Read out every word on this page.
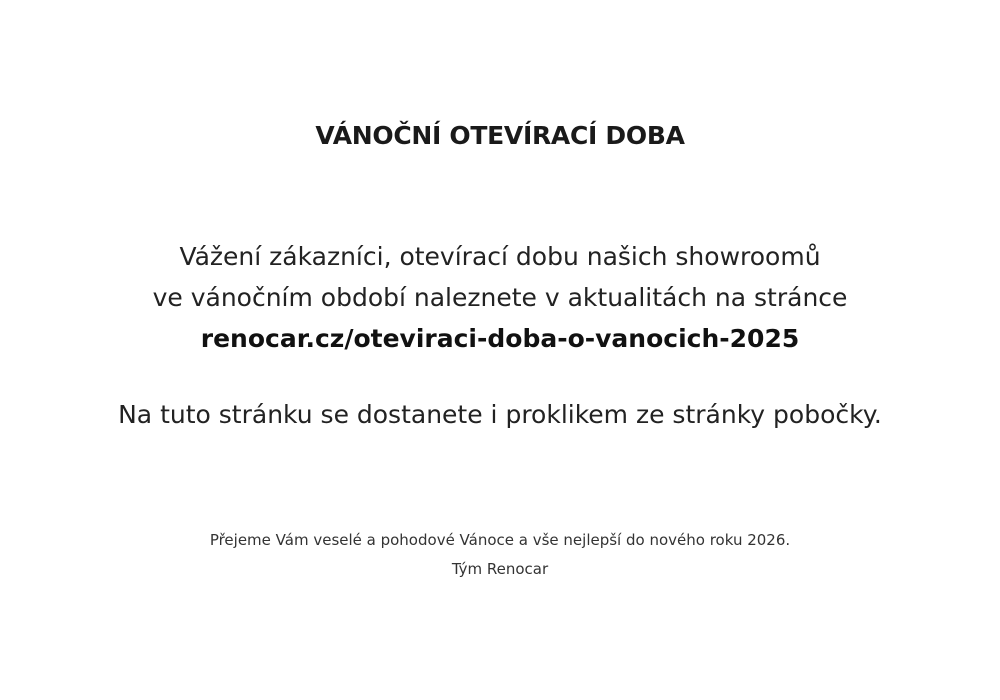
VÁNOČNÍ OTEVÍRACÍ DOBA

Vážení zákazníci, otevírací dobu našich showroomů
ve vánočním období naleznete v aktualitách na stránce
renocar.cz/oteviraci-doba-o-vanocich-2025

Na tuto stránku se dostanete i proklikem ze stránky pobočky.

Přejeme Vám veselé a pohodové Vánoce a vše nejlepší do nového roku 2026.
Tým Renocar
